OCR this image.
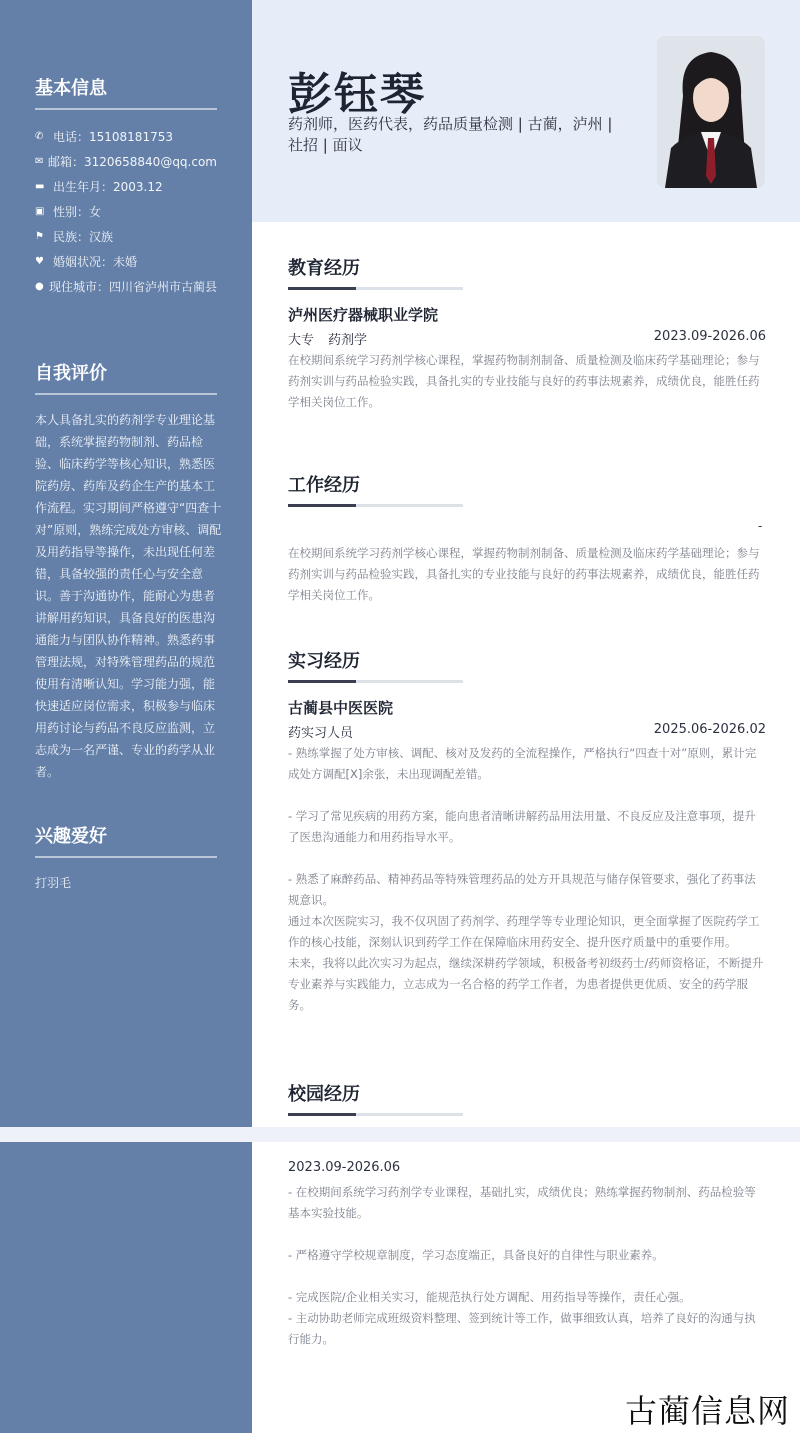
基本信息
✆ 电话：15108181753
✉ 邮箱：3120658840@qq.com
▬ 出生年月：2003.12
▣ 性别：女
⚑ 民族：汉族
♥ 婚姻状况：未婚
● 现住城市：四川省泸州市古蔺县
自我评价
本人具备扎实的药剂学专业理论基础，系统掌握药物制剂、药品检验、临床药学等核心知识，熟悉医院药房、药库及药企生产的基本工作流程。实习期间严格遵守“四查十对”原则，熟练完成处方审核、调配及用药指导等操作，未出现任何差错，具备较强的责任心与安全意识。善于沟通协作，能耐心为患者讲解用药知识，具备良好的医患沟通能力与团队协作精神。熟悉药事管理法规，对特殊管理药品的规范使用有清晰认知。学习能力强，能快速适应岗位需求，积极参与临床用药讨论与药品不良反应监测，立志成为一名严谨、专业的药学从业者。
兴趣爱好
打羽毛
彭钰琴
药剂师，医药代表，药品质量检测 | 古蔺，泸州 | 社招 | 面议
教育经历
泸州医疗器械职业学院
大专 药剂学	2023.09-2026.06
在校期间系统学习药剂学核心课程，掌握药物制剂制备、质量检测及临床药学基础理论；参与药剂实训与药品检验实践，具备扎实的专业技能与良好的药事法规素养，成绩优良，能胜任药学相关岗位工作。
工作经历
-
在校期间系统学习药剂学核心课程，掌握药物制剂制备、质量检测及临床药学基础理论；参与药剂实训与药品检验实践，具备扎实的专业技能与良好的药事法规素养，成绩优良，能胜任药学相关岗位工作。
实习经历
古蔺县中医医院
药实习人员	2025.06-2026.02
- 熟练掌握了处方审核、调配、核对及发药的全流程操作，严格执行“四查十对”原则，累计完成处方调配[X]余张，未出现调配差错。

- 学习了常见疾病的用药方案，能向患者清晰讲解药品用法用量、不良反应及注意事项，提升了医患沟通能力和用药指导水平。

- 熟悉了麻醉药品、精神药品等特殊管理药品的处方开具规范与储存保管要求，强化了药事法规意识。
通过本次医院实习，我不仅巩固了药剂学、药理学等专业理论知识，更全面掌握了医院药学工作的核心技能，深刻认识到药学工作在保障临床用药安全、提升医疗质量中的重要作用。
未来，我将以此次实习为起点，继续深耕药学领域，积极备考初级药士/药师资格证，不断提升专业素养与实践能力，立志成为一名合格的药学工作者，为患者提供更优质、安全的药学服务。
校园经历
2023.09-2026.06
- 在校期间系统学习药剂学专业课程，基础扎实，成绩优良；熟练掌握药物制剂、药品检验等基本实验技能。

- 严格遵守学校规章制度，学习态度端正，具备良好的自律性与职业素养。

- 完成医院/企业相关实习，能规范执行处方调配、用药指导等操作，责任心强。
- 主动协助老师完成班级资料整理、签到统计等工作，做事细致认真，培养了良好的沟通与执行能力。
古蔺信息网
